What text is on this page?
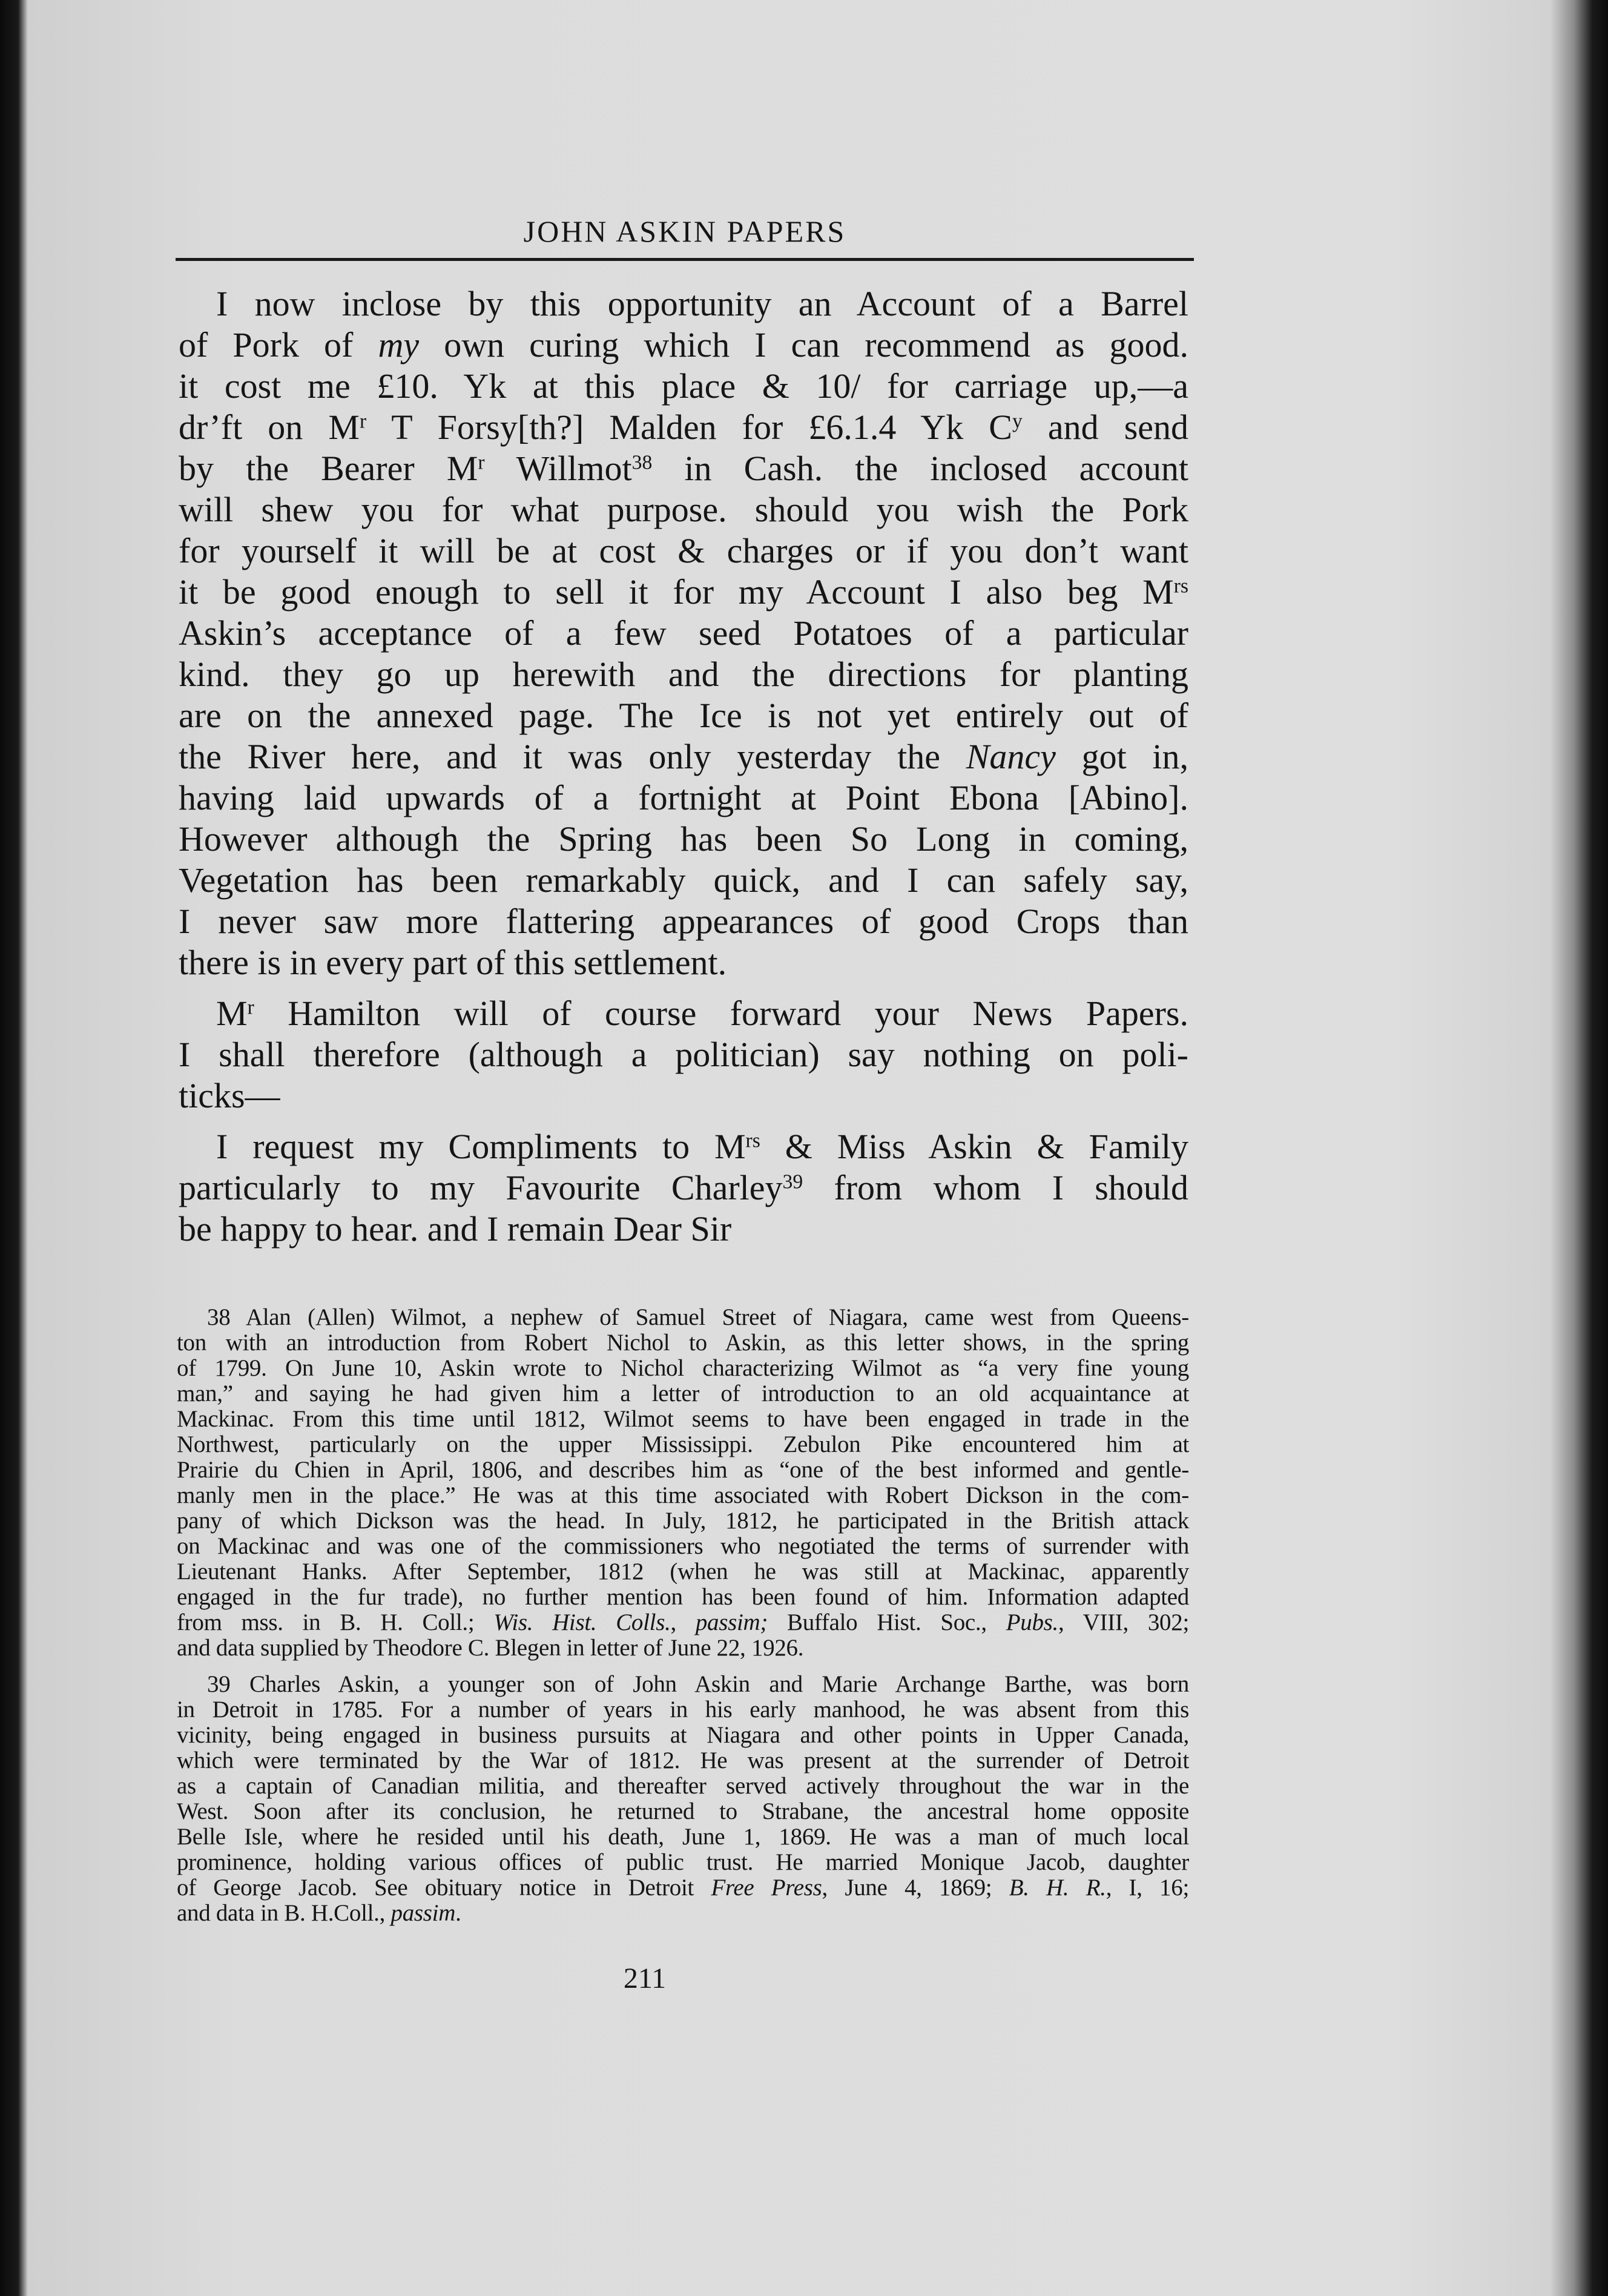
JOHN ASKIN PAPERS
I now inclose by this opportunity an Account of a Barrel
of Pork of my own curing which I can recommend as good.
it cost me £10. Yk at this place & 10/ for carriage up,—a
dr’ft on $M^r$ T Forsy[th?] Malden for £6.1.4 Yk $C^y$ and send
by the Bearer $M^r$ Willmot$^{38}$ in Cash. the inclosed account
will shew you for what purpose. should you wish the Pork
for yourself it will be at cost & charges or if you don’t want
it be good enough to sell it for my Account I also beg $M^{rs}$
Askin’s acceptance of a few seed Potatoes of a particular
kind. they go up herewith and the directions for planting
are on the annexed page. The Ice is not yet entirely out of
the River here, and it was only yesterday the Nancy got in,
having laid upwards of a fortnight at Point Ebona [Abino].
However although the Spring has been So Long in coming,
Vegetation has been remarkably quick, and I can safely say,
I never saw more flattering appearances of good Crops than
there is in every part of this settlement.
$M^r$ Hamilton will of course forward your News Papers.
I shall therefore (although a politician) say nothing on poli-
ticks—
I request my Compliments to $M^{rs}$ & Miss Askin & Family
particularly to my Favourite Charley$^{39}$ from whom I should
be happy to hear. and I remain Dear Sir
38 Alan (Allen) Wilmot, a nephew of Samuel Street of Niagara, came west from Queens-
ton with an introduction from Robert Nichol to Askin, as this letter shows, in the spring
of 1799. On June 10, Askin wrote to Nichol characterizing Wilmot as “a very fine young
man,” and saying he had given him a letter of introduction to an old acquaintance at
Mackinac. From this time until 1812, Wilmot seems to have been engaged in trade in the
Northwest, particularly on the upper Mississippi. Zebulon Pike encountered him at
Prairie du Chien in April, 1806, and describes him as “one of the best informed and gentle-
manly men in the place.” He was at this time associated with Robert Dickson in the com-
pany of which Dickson was the head. In July, 1812, he participated in the British attack
on Mackinac and was one of the commissioners who negotiated the terms of surrender with
Lieutenant Hanks. After September, 1812 (when he was still at Mackinac, apparently
engaged in the fur trade), no further mention has been found of him. Information adapted
from mss. in B. H. Coll.; Wis. Hist. Colls., passim; Buffalo Hist. Soc., Pubs., VIII, 302;
and data supplied by Theodore C. Blegen in letter of June 22, 1926.
39 Charles Askin, a younger son of John Askin and Marie Archange Barthe, was born
in Detroit in 1785. For a number of years in his early manhood, he was absent from this
vicinity, being engaged in business pursuits at Niagara and other points in Upper Canada,
which were terminated by the War of 1812. He was present at the surrender of Detroit
as a captain of Canadian militia, and thereafter served actively throughout the war in the
West. Soon after its conclusion, he returned to Strabane, the ancestral home opposite
Belle Isle, where he resided until his death, June 1, 1869. He was a man of much local
prominence, holding various offices of public trust. He married Monique Jacob, daughter
of George Jacob. See obituary notice in Detroit Free Press, June 4, 1869; B. H. R., I, 16;
and data in B. H.Coll., passim.
211
